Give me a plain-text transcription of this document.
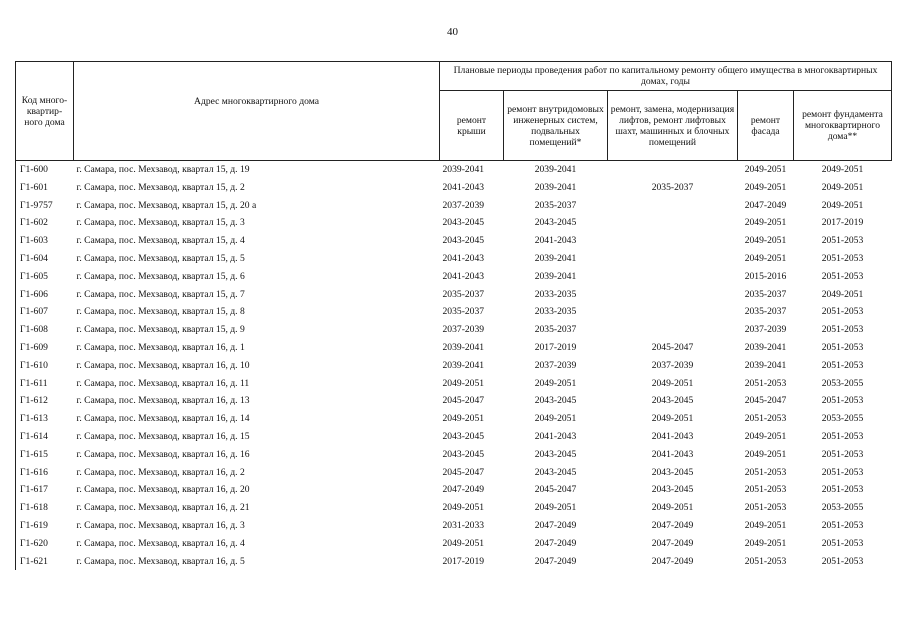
40
Код много-квартир-ного дома	Адрес многоквартирного дома	Плановые периоды проведения работ по капитальному ремонту общего имущества в многоквартирных домах, годы				
		ремонт крыши	ремонт внутридомовых инженерных систем, подвальных помещений*	ремонт, замена, модернизация лифтов, ремонт лифтовых шахт, машинных и блочных помещений	ремонт фасада	ремонт фундамента многоквартирного дома**
Г1-600	г. Самара, пос. Мехзавод, квартал 15, д. 19	2039-2041	2039-2041		2049-2051	2049-2051
Г1-601	г. Самара, пос. Мехзавод, квартал 15, д. 2	2041-2043	2039-2041	2035-2037	2049-2051	2049-2051
Г1-9757	г. Самара, пос. Мехзавод, квартал 15, д. 20 а	2037-2039	2035-2037		2047-2049	2049-2051
Г1-602	г. Самара, пос. Мехзавод, квартал 15, д. 3	2043-2045	2043-2045		2049-2051	2017-2019
Г1-603	г. Самара, пос. Мехзавод, квартал 15, д. 4	2043-2045	2041-2043		2049-2051	2051-2053
Г1-604	г. Самара, пос. Мехзавод, квартал 15, д. 5	2041-2043	2039-2041		2049-2051	2051-2053
Г1-605	г. Самара, пос. Мехзавод, квартал 15, д. 6	2041-2043	2039-2041		2015-2016	2051-2053
Г1-606	г. Самара, пос. Мехзавод, квартал 15, д. 7	2035-2037	2033-2035		2035-2037	2049-2051
Г1-607	г. Самара, пос. Мехзавод, квартал 15, д. 8	2035-2037	2033-2035		2035-2037	2051-2053
Г1-608	г. Самара, пос. Мехзавод, квартал 15, д. 9	2037-2039	2035-2037		2037-2039	2051-2053
Г1-609	г. Самара, пос. Мехзавод, квартал 16, д. 1	2039-2041	2017-2019	2045-2047	2039-2041	2051-2053
Г1-610	г. Самара, пос. Мехзавод, квартал 16, д. 10	2039-2041	2037-2039	2037-2039	2039-2041	2051-2053
Г1-611	г. Самара, пос. Мехзавод, квартал 16, д. 11	2049-2051	2049-2051	2049-2051	2051-2053	2053-2055
Г1-612	г. Самара, пос. Мехзавод, квартал 16, д. 13	2045-2047	2043-2045	2043-2045	2045-2047	2051-2053
Г1-613	г. Самара, пос. Мехзавод, квартал 16, д. 14	2049-2051	2049-2051	2049-2051	2051-2053	2053-2055
Г1-614	г. Самара, пос. Мехзавод, квартал 16, д. 15	2043-2045	2041-2043	2041-2043	2049-2051	2051-2053
Г1-615	г. Самара, пос. Мехзавод, квартал 16, д. 16	2043-2045	2043-2045	2041-2043	2049-2051	2051-2053
Г1-616	г. Самара, пос. Мехзавод, квартал 16, д. 2	2045-2047	2043-2045	2043-2045	2051-2053	2051-2053
Г1-617	г. Самара, пос. Мехзавод, квартал 16, д. 20	2047-2049	2045-2047	2043-2045	2051-2053	2051-2053
Г1-618	г. Самара, пос. Мехзавод, квартал 16, д. 21	2049-2051	2049-2051	2049-2051	2051-2053	2053-2055
Г1-619	г. Самара, пос. Мехзавод, квартал 16, д. 3	2031-2033	2047-2049	2047-2049	2049-2051	2051-2053
Г1-620	г. Самара, пос. Мехзавод, квартал 16, д. 4	2049-2051	2047-2049	2047-2049	2049-2051	2051-2053
Г1-621	г. Самара, пос. Мехзавод, квартал 16, д. 5	2017-2019	2047-2049	2047-2049	2051-2053	2051-2053
